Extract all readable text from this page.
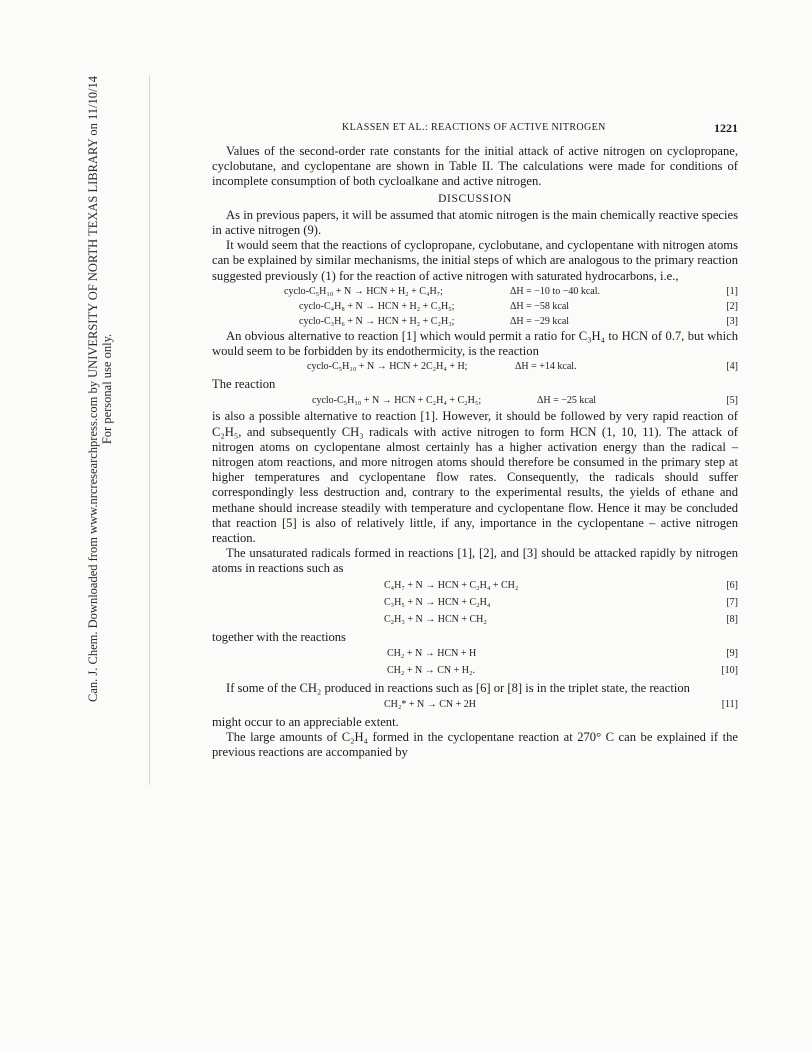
Can. J. Chem. Downloaded from www.nrcresearchpress.com by UNIVERSITY OF NORTH TEXAS LIBRARY on 11/10/14 For personal use only.
KLASSEN ET AL.: REACTIONS OF ACTIVE NITROGEN	1221

Values of the second-order rate constants for the initial attack of active nitrogen on cyclopropane, cyclobutane, and cyclopentane are shown in Table II. The calculations were made for conditions of incomplete consumption of both cycloalkane and active nitrogen.

DISCUSSION

As in previous papers, it will be assumed that atomic nitrogen is the main chemically reactive species in active nitrogen (9).

It would seem that the reactions of cyclopropane, cyclobutane, and cyclopentane with nitrogen atoms can be explained by similar mechanisms, the initial steps of which are analogous to the primary reaction suggested previously (1) for the reaction of active nitrogen with saturated hydrocarbons, i.e.,

cyclo-C₅H₁₀ + N → HCN + H₂ + C₄H₇;	ΔH = −10 to −40 kcal.	[1]
cyclo-C₄H₈ + N → HCN + H₂ + C₃H₅;	ΔH = −58 kcal	[2]
cyclo-C₃H₆ + N → HCN + H₂ + C₂H₃;	ΔH = −29 kcal	[3]

An obvious alternative to reaction [1] which would permit a ratio for C₃H₄ to HCN of 0.7, but which would seem to be forbidden by its endothermicity, is the reaction

cyclo-C₅H₁₀ + N → HCN + 2C₂H₄ + H;	ΔH = +14 kcal.	[4]

The reaction

cyclo-C₅H₁₀ + N → HCN + C₂H₄ + C₂H₅;	ΔH = −25 kcal	[5]

is also a possible alternative to reaction [1]. However, it should be followed by very rapid reaction of C₂H₅, and subsequently CH₃ radicals with active nitrogen to form HCN (1, 10, 11). The attack of nitrogen atoms on cyclopentane almost certainly has a higher activation energy than the radical – nitrogen atom reactions, and more nitrogen atoms should therefore be consumed in the primary step at higher temperatures and cyclopentane flow rates. Consequently, the radicals should suffer correspondingly less destruction and, contrary to the experimental results, the yields of ethane and methane should increase steadily with temperature and cyclopentane flow. Hence it may be concluded that reaction [5] is also of relatively little, if any, importance in the cyclopentane – active nitrogen reaction.

The unsaturated radicals formed in reactions [1], [2], and [3] should be attacked rapidly by nitrogen atoms in reactions such as

C₄H₇ + N → HCN + C₂H₄ + CH₂	[6]
C₃H₅ + N → HCN + C₂H₄	[7]
C₂H₃ + N → HCN + CH₂	[8]

together with the reactions

CH₂ + N → HCN + H	[9]
CH₂ + N → CN + H₂.	[10]

If some of the CH₂ produced in reactions such as [6] or [8] is in the triplet state, the reaction

CH₂* + N → CN + 2H	[11]

might occur to an appreciable extent.

The large amounts of C₂H₄ formed in the cyclopentane reaction at 270° C can be explained if the previous reactions are accompanied by
